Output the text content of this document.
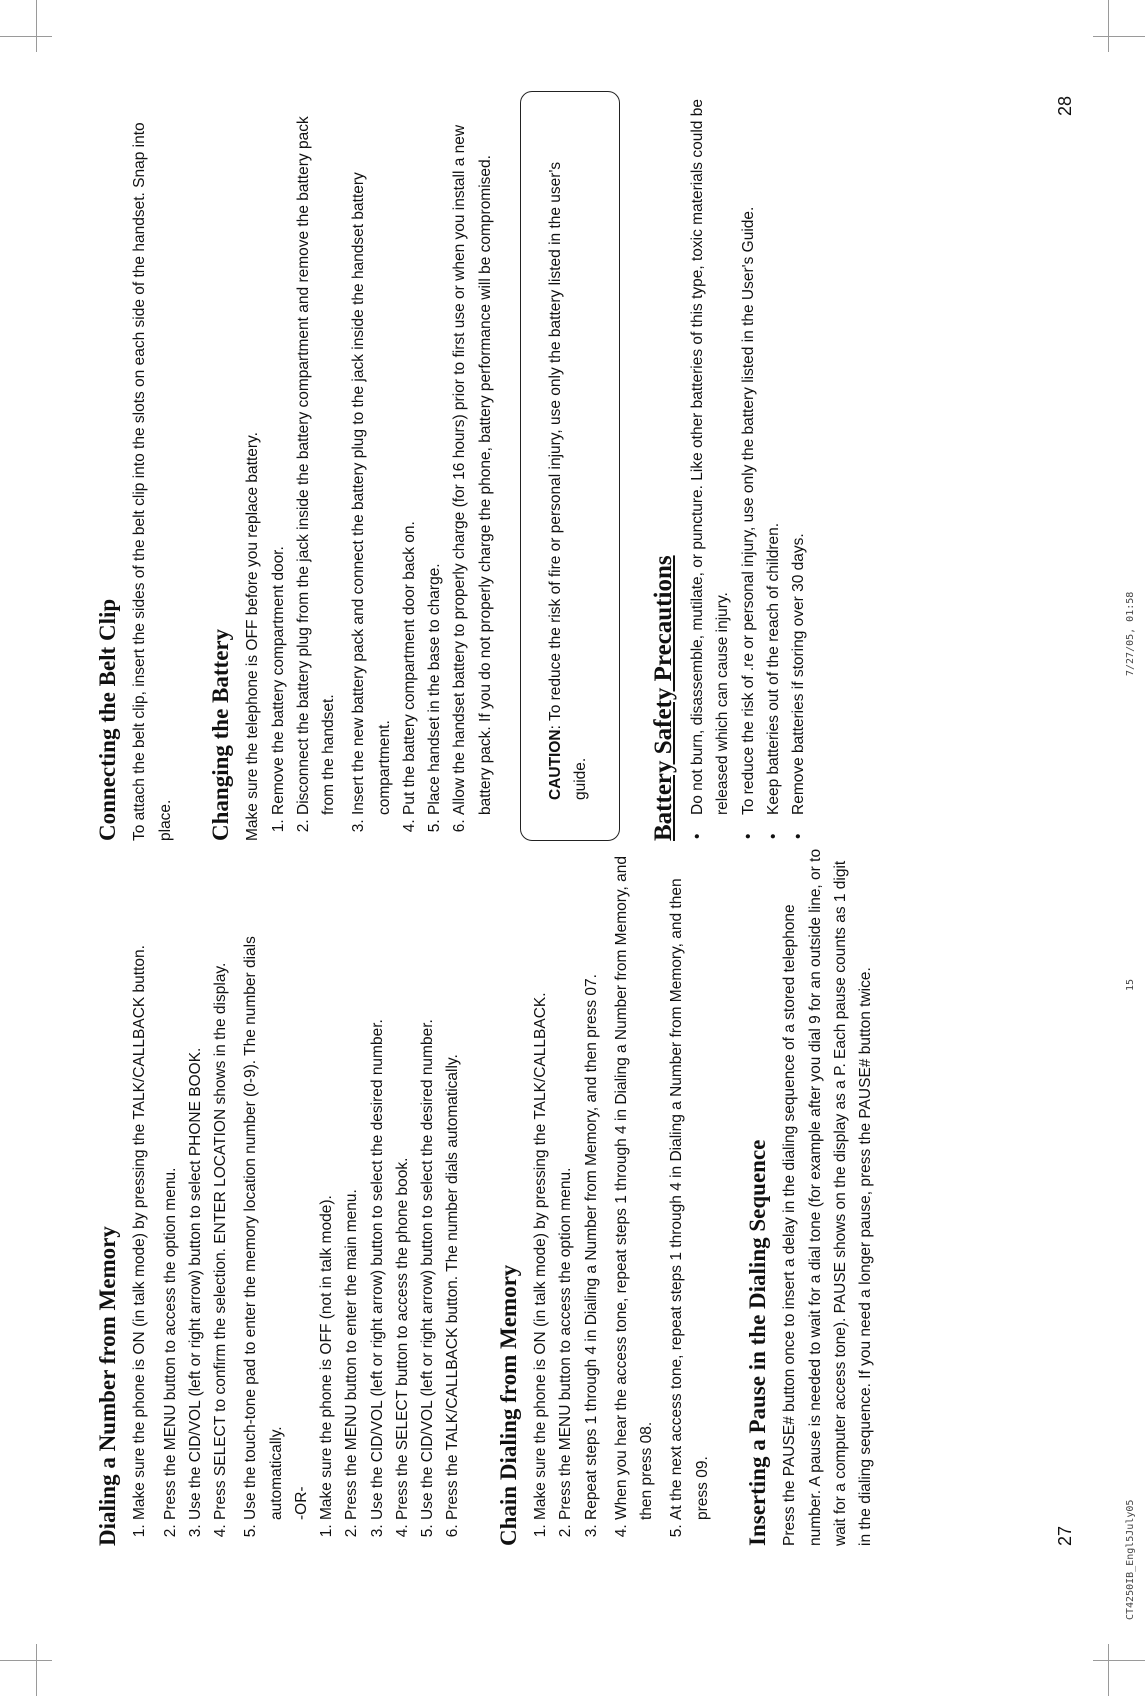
CT4250IB_Engl5July05
15
7/27/05, 01:58
Dialing a Number from Memory 1. Make sure the phone is ON (in talk mode) by pressing the TALK/CALLBACK button. 2. Press the MENU button to access the option menu. 3. Use the CID/VOL (left or right arrow) button to select PHONE BOOK. 4. Press SELECT to confirm the selection. ENTER LOCATION shows in the display. 5. Use the touch-tone pad to enter the memory location number (0-9). The number dials automatically. -OR- 1. Make sure the phone is OFF (not in talk mode). 2. Press the MENU button to enter the main menu. 3. Use the CID/VOL (left or right arrow) button to select the desired number. 4. Press the SELECT button to access the phone book. 5. Use the CID/VOL (left or right arrow) button to select the desired number. 6. Press the TALK/CALLBACK button. The number dials automatically. Chain Dialing from Memory 1. Make sure the phone is ON (in talk mode) by pressing the TALK/CALLBACK. 2. Press the MENU button to access the option menu. 3. Repeat steps 1 through 4 in Dialing a Number from Memory, and then press 07. 4. When you hear the access tone, repeat steps 1 through 4 in Dialing a Number from Memory, and then press 08. 5. At the next access tone, repeat steps 1 through 4 in Dialing a Number from Memory, and then press 09. Inserting a Pause in the Dialing Sequence Press the PAUSE# button once to insert a delay in the dialing sequence of a stored telephone number. A pause is needed to wait for a dial tone (for example after you dial 9 for an outside line, or to wait for a computer access tone). PAUSE shows on the display as a P. Each pause counts as 1 digit in the dialing sequence. If you need a longer pause, press the PAUSE# button twice.

Connecting the Belt Clip To attach the belt clip, insert the sides of the belt clip into the slots on each side of the handset. Snap into place. Changing the Battery Make sure the telephone is OFF before you replace battery. 1. Remove the battery compartment door. 2. Disconnect the battery plug from the jack inside the battery compartment and remove the battery pack from the handset. 3. Insert the new battery pack and connect the battery plug to the jack inside the handset battery compartment. 4. Put the battery compartment door back on. 5. Place handset in the base to charge. 6. Allow the handset battery to properly charge (for 16 hours) prior to first use or when you install a new battery pack. If you do not properly charge the phone, battery performance will be compromised.	CAUTION: To reduce the risk of fire or personal injury, use only the battery listed in the user's guide.	Battery Safety Precautions • Do not burn, disassemble, mutilate, or puncture. Like other batteries of this type, toxic materials could be released which can cause injury. • To reduce the risk of .re or personal injury, use only the battery listed in the User's Guide. • Keep batteries out of the reach of children. • Remove batteries if storing over 30 days.
27
28
